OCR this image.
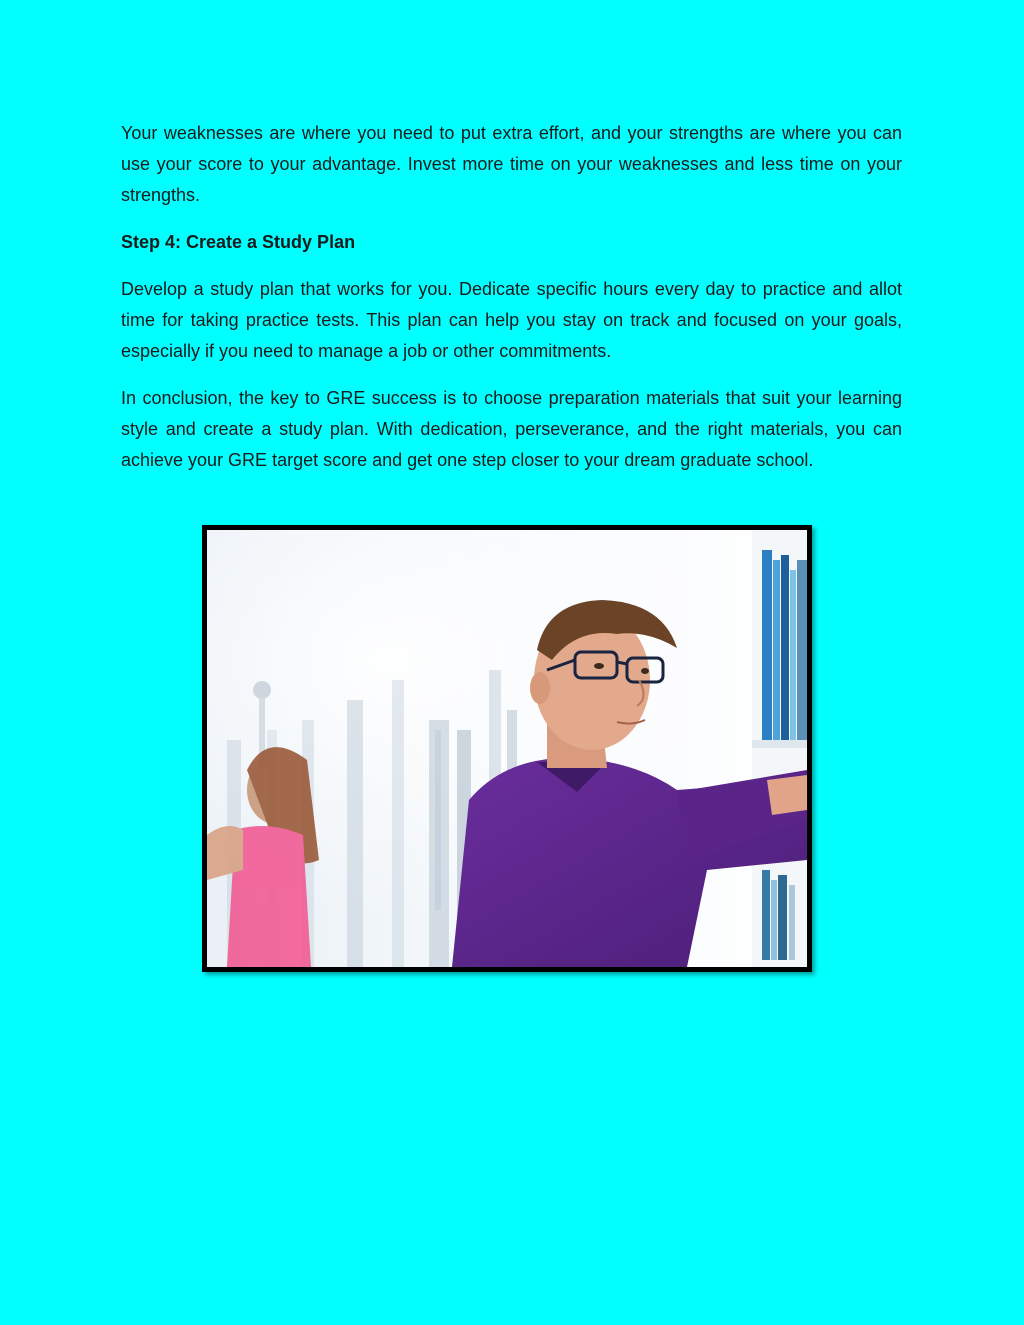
Your weaknesses are where you need to put extra effort, and your strengths are where you can use your score to your advantage. Invest more time on your weaknesses and less time on your strengths.

Step 4: Create a Study Plan

Develop a study plan that works for you. Dedicate specific hours every day to practice and allot time for taking practice tests. This plan can help you stay on track and focused on your goals, especially if you need to manage a job or other commitments.

In conclusion, the key to GRE success is to choose preparation materials that suit your learning style and create a study plan. With dedication, perseverance, and the right materials, you can achieve your GRE target score and get one step closer to your dream graduate school.
